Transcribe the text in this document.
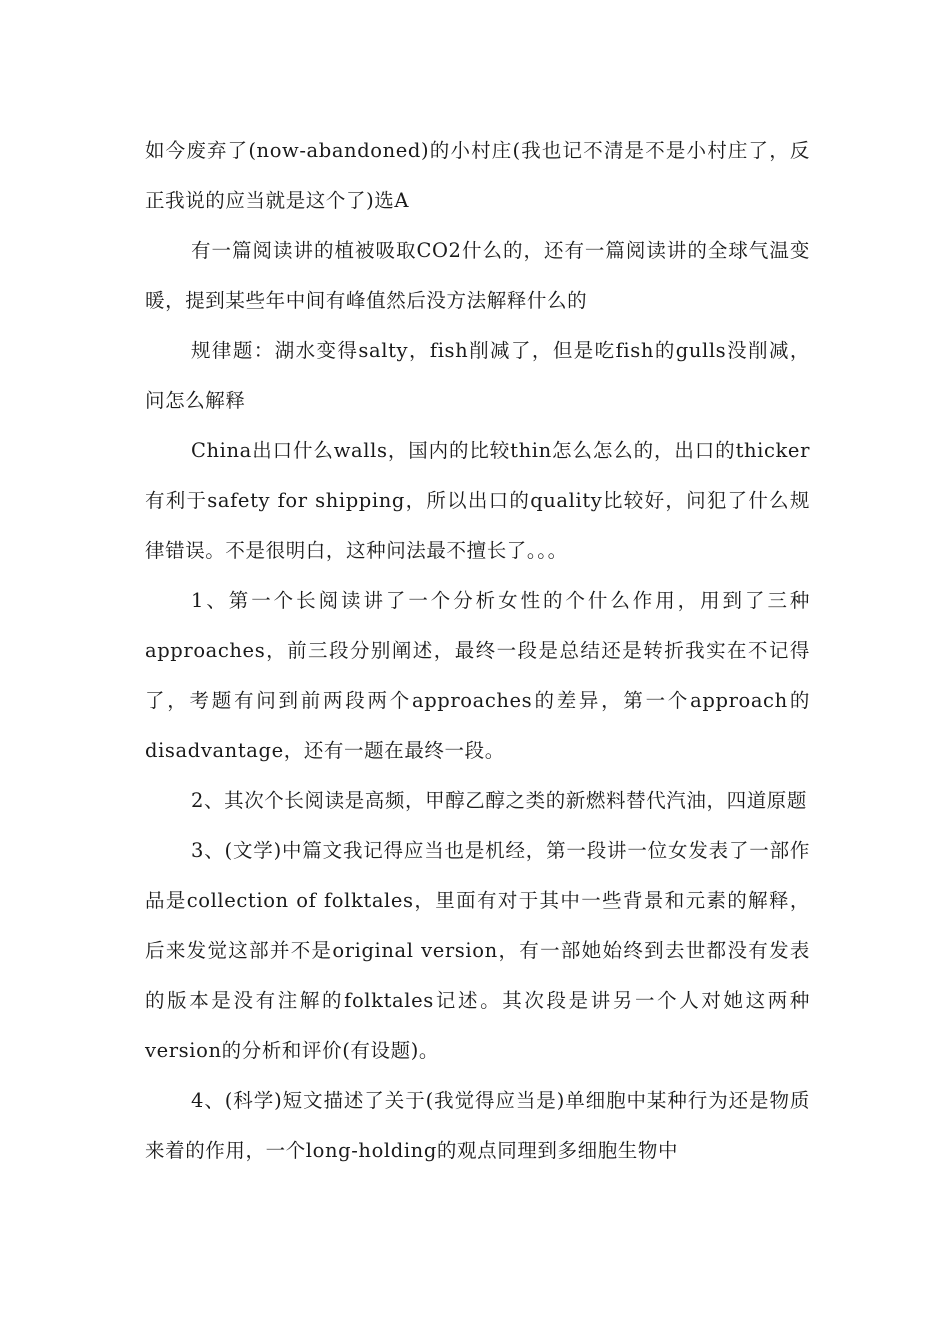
如今废弃了(now-abandoned)的小村庄(我也记不清是不是小村庄了，反正我说的应当就是这个了)选A

有一篇阅读讲的植被吸取CO2什么的，还有一篇阅读讲的全球气温变暖，提到某些年中间有峰值然后没方法解释什么的

规律题：湖水变得salty，fish削减了，但是吃fish的gulls没削减，问怎么解释

China出口什么walls，国内的比较thin怎么怎么的，出口的thicker有利于safety for shipping，所以出口的quality比较好，问犯了什么规律错误。不是很明白，这种问法最不擅长了。。。

1、第一个长阅读讲了一个分析女性的个什么作用，用到了三种approaches，前三段分别阐述，最终一段是总结还是转折我实在不记得了，考题有问到前两段两个approaches的差异，第一个approach的disadvantage，还有一题在最终一段。

2、其次个长阅读是高频，甲醇乙醇之类的新燃料替代汽油，四道原题

3、(文学)中篇文我记得应当也是机经，第一段讲一位女发表了一部作品是collection of folktales，里面有对于其中一些背景和元素的解释，后来发觉这部并不是original version，有一部她始终到去世都没有发表的版本是没有注解的folktales记述。其次段是讲另一个人对她这两种version的分析和评价(有设题)。

4、(科学)短文描述了关于(我觉得应当是)单细胞中某种行为还是物质来着的作用，一个long-holding的观点同理到多细胞生物中
